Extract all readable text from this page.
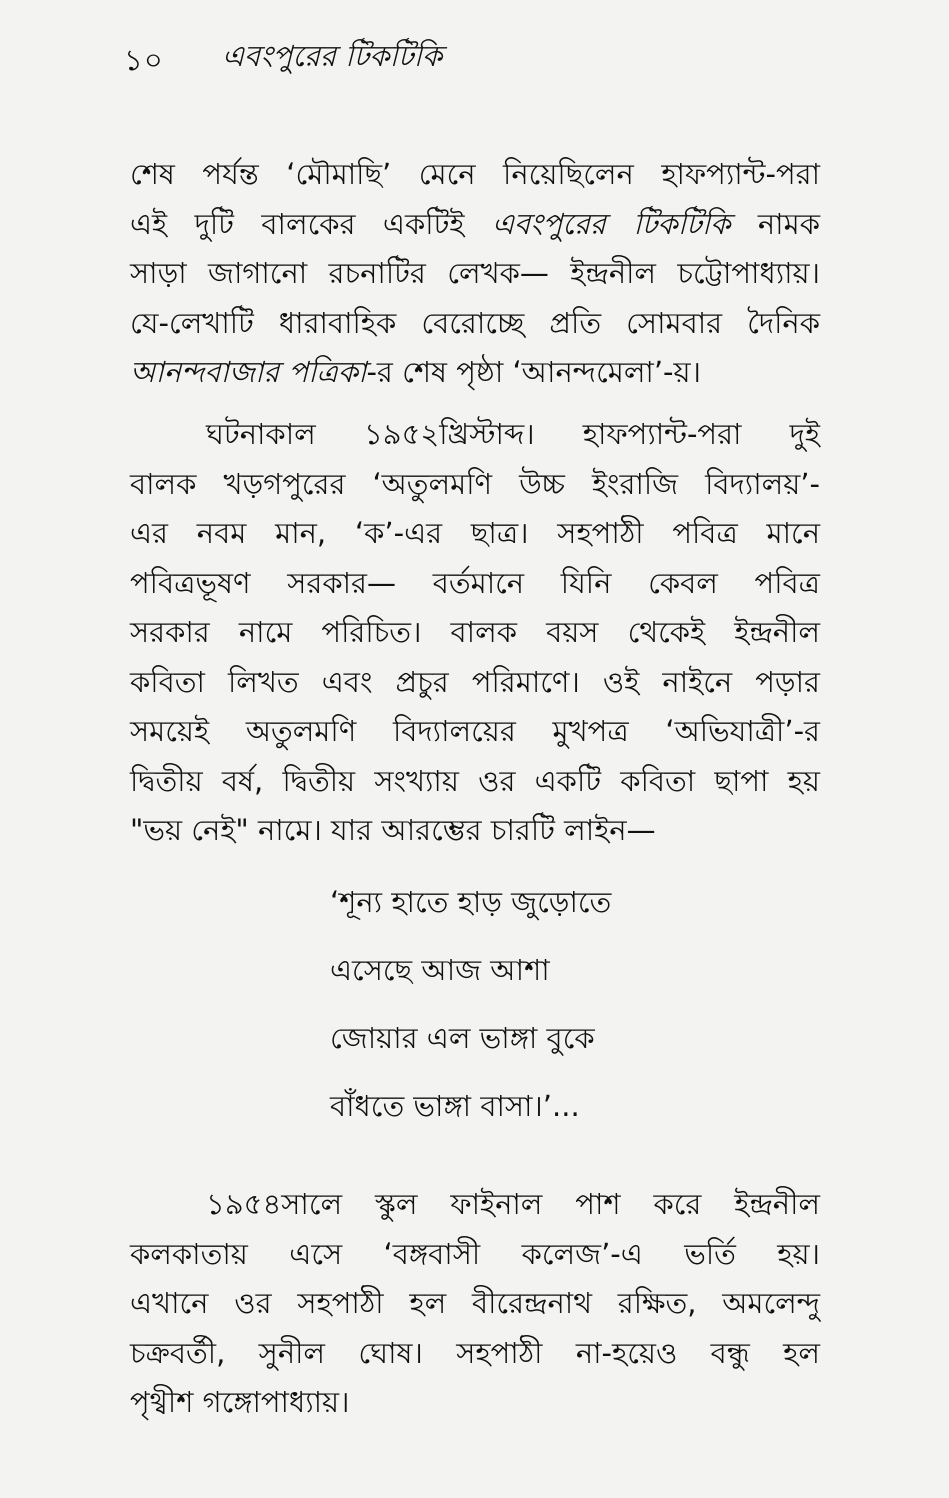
১০ এবংপুরের টিকটিকি

শেষ পর্যন্ত ‘মৌমাছি’ মেনে নিয়েছিলেন হাফপ্যান্ট-পরা
এই দুটি বালকের একটিই এবংপুরের টিকটিকি নামক
সাড়া জাগানো রচনাটির লেখক— ইন্দ্রনীল চট্টোপাধ্যায়।
যে-লেখাটি ধারাবাহিক বেরোচ্ছে প্রতি সোমবার দৈনিক
আনন্দবাজার পত্রিকা-র শেষ পৃষ্ঠা ‘আনন্দমেলা’-য়।

ঘটনাকাল ১৯৫২খ্রিস্টাব্দ। হাফপ্যান্ট-পরা দুই
বালক খড়গপুরের ‘অতুলমণি উচ্চ ইংরাজি বিদ্যালয়’-
এর নবম মান, ‘ক’-এর ছাত্র। সহপাঠী পবিত্র মানে
পবিত্রভূষণ সরকার— বর্তমানে যিনি কেবল পবিত্র
সরকার নামে পরিচিত। বালক বয়স থেকেই ইন্দ্রনীল
কবিতা লিখত এবং প্রচুর পরিমাণে। ওই নাইনে পড়ার
সময়েই অতুলমণি বিদ্যালয়ের মুখপত্র ‘অভিযাত্রী’-র
দ্বিতীয় বর্ষ, দ্বিতীয় সংখ্যায় ওর একটি কবিতা ছাপা হয়
"ভয় নেই" নামে। যার আরম্ভের চারটি লাইন—

‘শূন্য হাতে হাড় জুড়োতে
এসেছে আজ আশা
জোয়ার এল ভাঙ্গা বুকে
বাঁধতে ভাঙ্গা বাসা।’...

১৯৫৪সালে স্কুল ফাইনাল পাশ করে ইন্দ্রনীল
কলকাতায় এসে ‘বঙ্গবাসী কলেজ’-এ ভর্তি হয়।
এখানে ওর সহপাঠী হল বীরেন্দ্রনাথ রক্ষিত, অমলেন্দু
চক্রবর্তী, সুনীল ঘোষ। সহপাঠী না-হয়েও বন্ধু হল
পৃথ্বীশ গঙ্গোপাধ্যায়।
